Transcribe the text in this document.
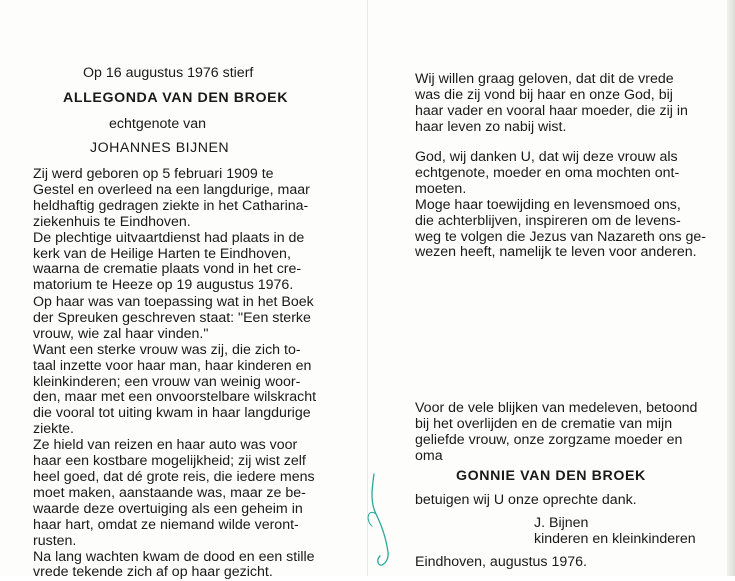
Op 16 augustus 1976 stierf
ALLEGONDA VAN DEN BROEK
echtgenote van
JOHANNES BIJNEN
Zij werd geboren op 5 februari 1909 te
Gestel en overleed na een langdurige, maar
heldhaftig gedragen ziekte in het Catharina-
ziekenhuis te Eindhoven.
De plechtige uitvaartdienst had plaats in de
kerk van de Heilige Harten te Eindhoven,
waarna de crematie plaats vond in het cre-
matorium te Heeze op 19 augustus 1976.
Op haar was van toepassing wat in het Boek
der Spreuken geschreven staat: "Een sterke
vrouw, wie zal haar vinden."
Want een sterke vrouw was zij, die zich to-
taal inzette voor haar man, haar kinderen en
kleinkinderen; een vrouw van weinig woor-
den, maar met een onvoorstelbare wilskracht
die vooral tot uiting kwam in haar langdurige
ziekte.
Ze hield van reizen en haar auto was voor
haar een kostbare mogelijkheid; zij wist zelf
heel goed, dat dé grote reis, die iedere mens
moet maken, aanstaande was, maar ze be-
waarde deze overtuiging als een geheim in
haar hart, omdat ze niemand wilde veront-
rusten.
Na lang wachten kwam de dood en een stille
vrede tekende zich af op haar gezicht.
Wij willen graag geloven, dat dit de vrede
was die zij vond bij haar en onze God, bij
haar vader en vooral haar moeder, die zij in
haar leven zo nabij wist.
God, wij danken U, dat wij deze vrouw als
echtgenote, moeder en oma mochten ont-
moeten.
Moge haar toewijding en levensmoed ons,
die achterblijven, inspireren om de levens-
weg te volgen die Jezus van Nazareth ons ge-
wezen heeft, namelijk te leven voor anderen.
Voor de vele blijken van medeleven, betoond
bij het overlijden en de crematie van mijn
geliefde vrouw, onze zorgzame moeder en
oma
GONNIE VAN DEN BROEK
betuigen wij U onze oprechte dank.
J. Bijnen
kinderen en kleinkinderen
Eindhoven, augustus 1976.
